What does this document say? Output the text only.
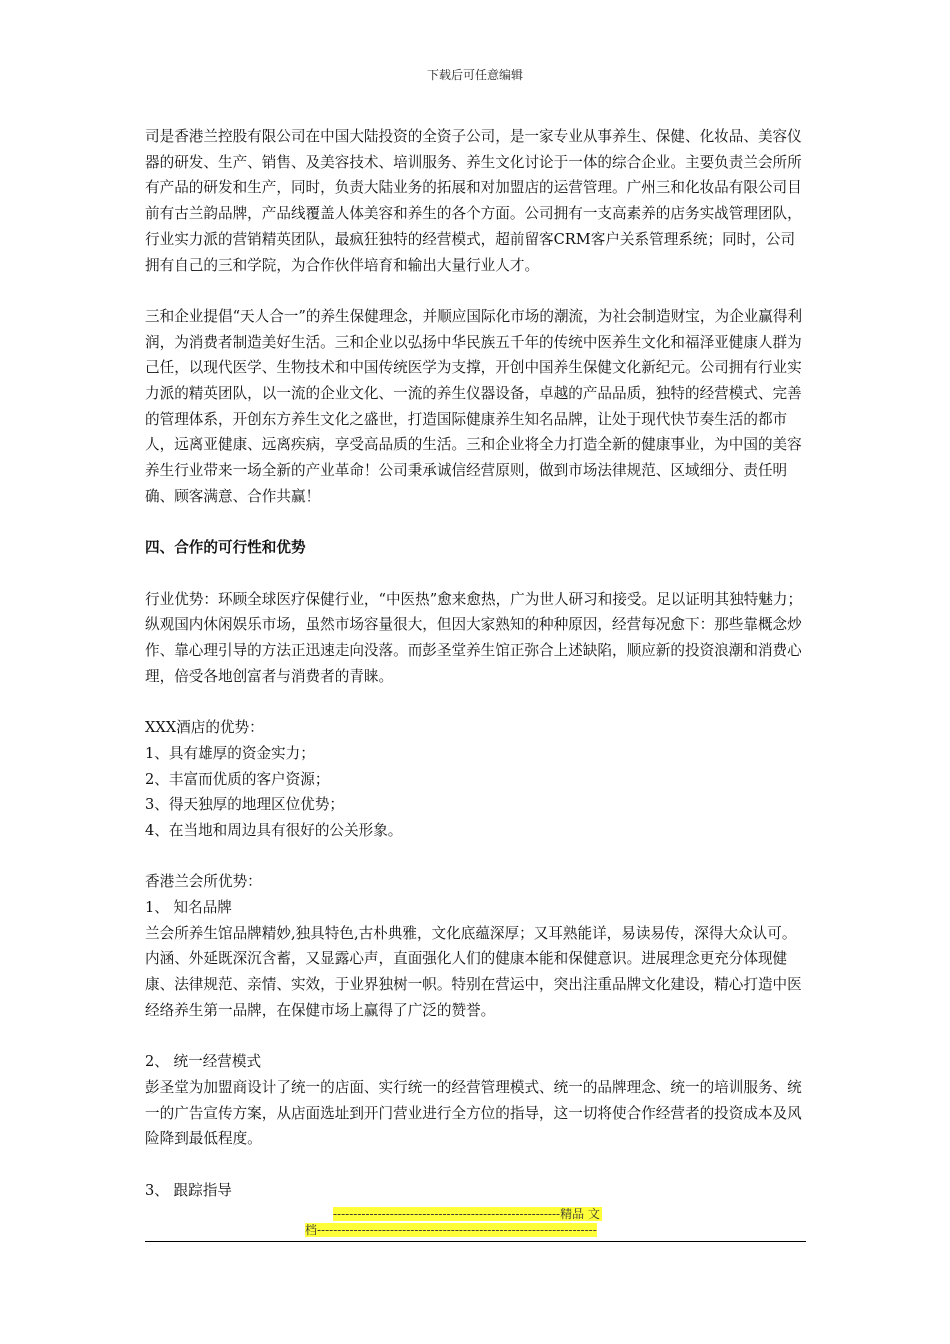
下载后可任意编辑

司是香港兰控股有限公司在中国大陆投资的全资子公司，是一家专业从事养生、保健、化妆品、美容仪器的研发、生产、销售、及美容技术、培训服务、养生文化讨论于一体的综合企业。主要负责兰会所所有产品的研发和生产，同时，负责大陆业务的拓展和对加盟店的运营管理。广州三和化妆品有限公司目前有古兰韵品牌，产品线覆盖人体美容和养生的各个方面。公司拥有一支高素养的店务实战管理团队，行业实力派的营销精英团队，最疯狂独特的经营模式，超前留客CRM客户关系管理系统；同时，公司拥有自己的三和学院，为合作伙伴培育和输出大量行业人才。

三和企业提倡“天人合一”的养生保健理念，并顺应国际化市场的潮流，为社会制造财宝，为企业赢得利润，为消费者制造美好生活。三和企业以弘扬中华民族五千年的传统中医养生文化和福泽亚健康人群为己任，以现代医学、生物技术和中国传统医学为支撑，开创中国养生保健文化新纪元。公司拥有行业实力派的精英团队，以一流的企业文化、一流的养生仪器设备，卓越的产品品质，独特的经营模式、完善的管理体系，开创东方养生文化之盛世，打造国际健康养生知名品牌，让处于现代快节奏生活的都市人，远离亚健康、远离疾病，享受高品质的生活。三和企业将全力打造全新的健康事业，为中国的美容养生行业带来一场全新的产业革命！公司秉承诚信经营原则，做到市场法律规范、区域细分、责任明确、顾客满意、合作共赢！

四、合作的可行性和优势

行业优势：环顾全球医疗保健行业，“中医热”愈来愈热，广为世人研习和接受。足以证明其独特魅力；纵观国内休闲娱乐市场，虽然市场容量很大，但因大家熟知的种种原因，经营每况愈下：那些靠概念炒作、靠心理引导的方法正迅速走向没落。而彭圣堂养生馆正弥合上述缺陷，顺应新的投资浪潮和消费心理，倍受各地创富者与消费者的青睐。

XXX酒店的优势：

1、具有雄厚的资金实力；

2、丰富而优质的客户资源；

3、得天独厚的地理区位优势；

4、在当地和周边具有很好的公关形象。

香港兰会所优势：

1、 知名品牌

兰会所养生馆品牌精妙,独具特色,古朴典雅，文化底蕴深厚；又耳熟能详，易读易传，深得大众认可。内涵、外延既深沉含蓄，又显露心声，直面强化人们的健康本能和保健意识。进展理念更充分体现健康、法律规范、亲情、实效，于业界独树一帜。特别在营运中，突出注重品牌文化建设，精心打造中医经络养生第一品牌，在保健市场上赢得了广泛的赞誉。

2、 统一经营模式

彭圣堂为加盟商设计了统一的店面、实行统一的经营管理模式、统一的品牌理念、统一的培训服务、统一的广告宣传方案，从店面选址到开门营业进行全方位的指导，这一切将使合作经营者的投资成本及风险降到最低程度。

3、 跟踪指导

--------------------------------------------------------精品 文
档---------------------------------------------------------------------
